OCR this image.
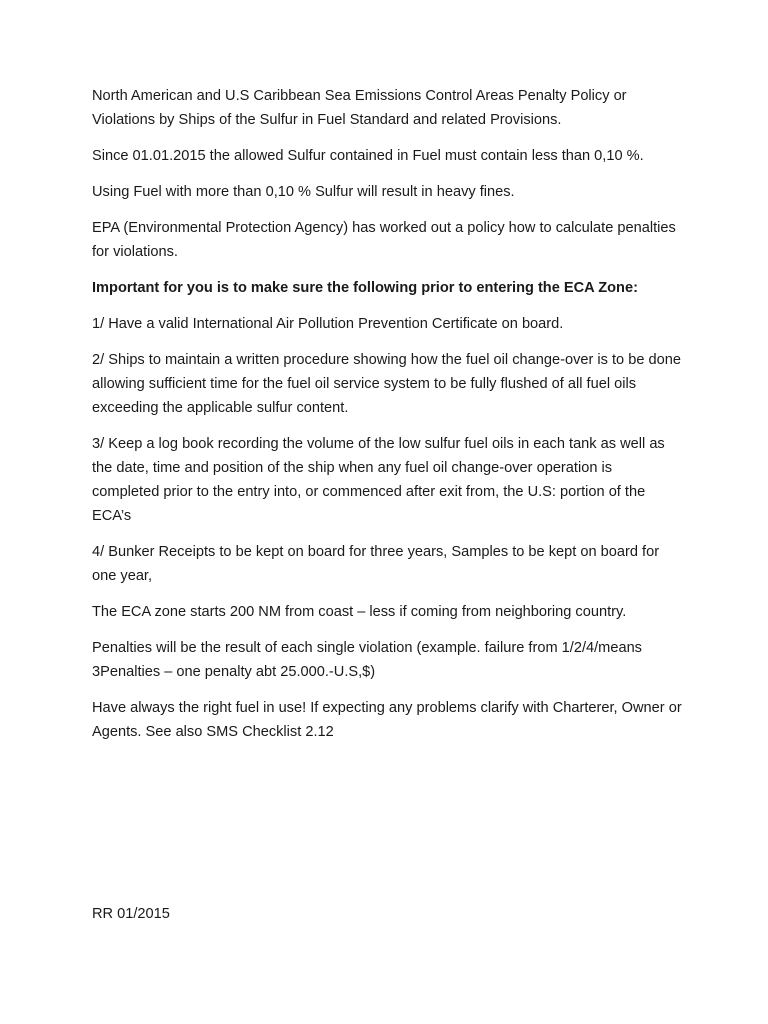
North American and U.S Caribbean Sea Emissions Control Areas Penalty Policy or Violations by Ships of the Sulfur in Fuel Standard and related Provisions.

Since 01.01.2015 the allowed Sulfur contained in Fuel must contain less than 0,10 %.

Using Fuel with more than 0,10 % Sulfur will result in heavy fines.

EPA (Environmental Protection Agency) has worked out a policy how to calculate penalties for violations.

Important for you is to make sure the following prior to entering the ECA Zone:

1/ Have a valid International Air Pollution Prevention Certificate on board.

2/ Ships to maintain a written procedure showing how the fuel oil change-over is to be done allowing sufficient time for the fuel oil service system to be fully flushed of all fuel oils exceeding the applicable sulfur content.

3/ Keep a log book recording the volume of the low sulfur fuel oils in each tank as well as the date, time and position of the ship when any fuel oil change-over operation is completed prior to the entry into, or commenced after exit from, the U.S: portion of the ECA’s

4/ Bunker Receipts to be kept on board for three years, Samples to be kept on board for one year,

The ECA zone starts 200 NM from coast – less if coming from neighboring country.

Penalties will be the result of each single violation (example. failure from 1/2/4/means 3Penalties – one penalty abt 25.000.-U.S,$)

Have always the right fuel in use! If expecting any problems clarify with Charterer, Owner or Agents. See also SMS Checklist 2.12

RR 01/2015
